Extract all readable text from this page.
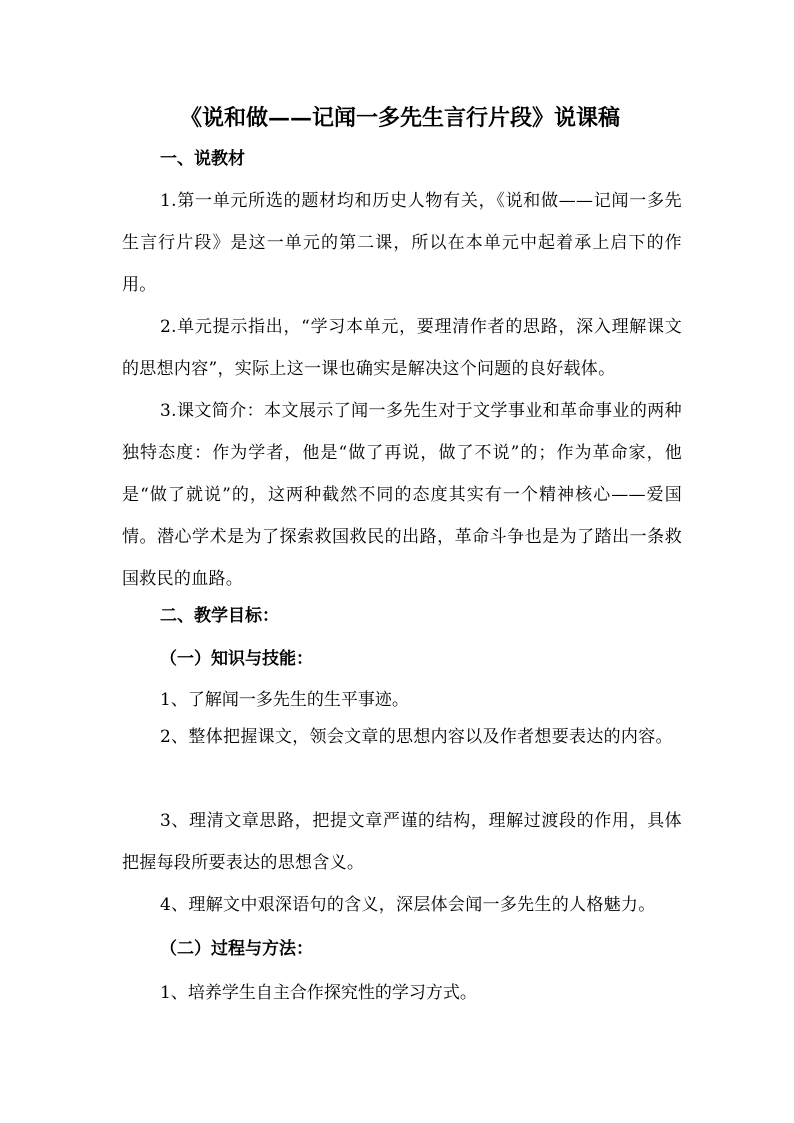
《说和做——记闻一多先生言行片段》说课稿
一、说教材
1.第一单元所选的题材均和历史人物有关，《说和做——记闻一多先生言行片段》是这一单元的第二课，所以在本单元中起着承上启下的作用。
2.单元提示指出，“学习本单元，要理清作者的思路，深入理解课文的思想内容”，实际上这一课也确实是解决这个问题的良好载体。
3.课文简介：本文展示了闻一多先生对于文学事业和革命事业的两种独特态度：作为学者，他是“做了再说，做了不说”的；作为革命家，他是“做了就说”的，这两种截然不同的态度其实有一个精神核心——爱国情。潜心学术是为了探索救国救民的出路，革命斗争也是为了踏出一条救国救民的血路。
二、教学目标：
（一）知识与技能：
1、了解闻一多先生的生平事迹。
2、整体把握课文，领会文章的思想内容以及作者想要表达的内容。
3、理清文章思路，把提文章严谨的结构，理解过渡段的作用，具体把握每段所要表达的思想含义。
4、理解文中艰深语句的含义，深层体会闻一多先生的人格魅力。
（二）过程与方法：
1、培养学生自主合作探究性的学习方式。
